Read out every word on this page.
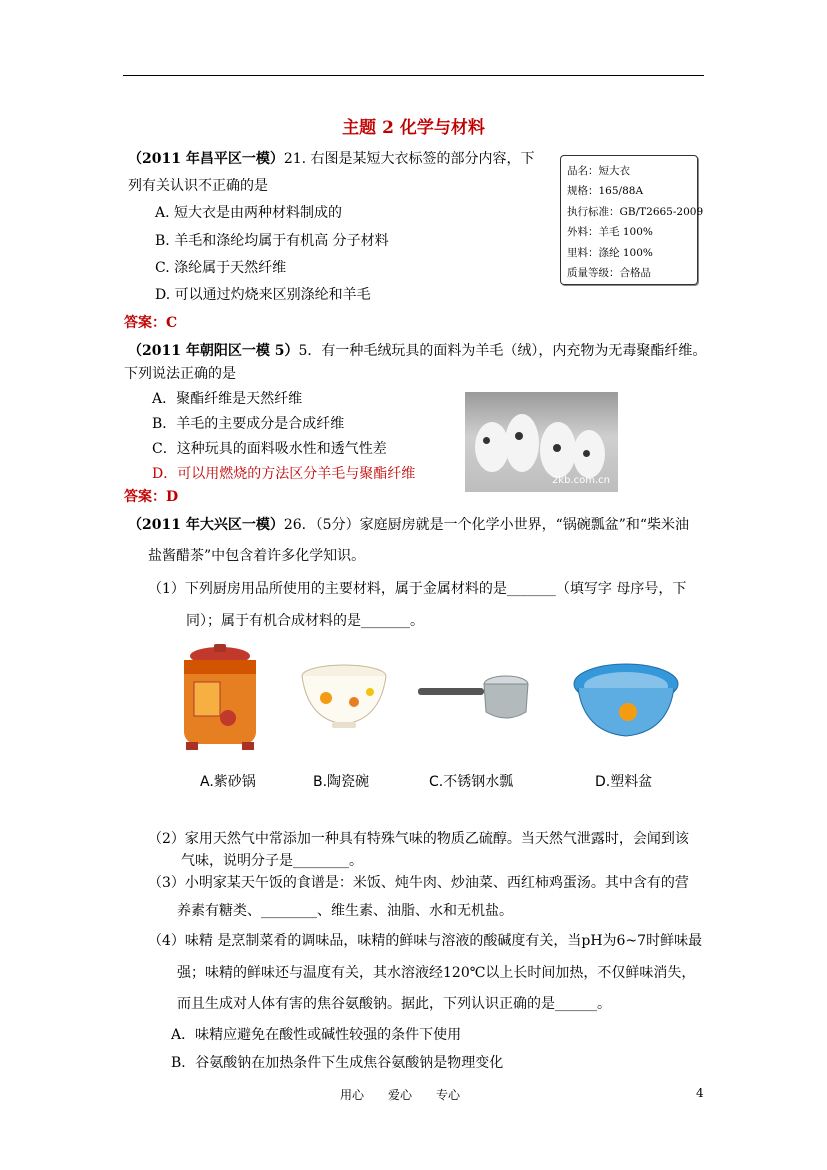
主题 2 化学与材料
（2011 年昌平区一模）21. 右图是某短大衣标签的部分内容，下
列有关认识不正确的是
A. 短大衣是由两种材料制成的
B. 羊毛和涤纶均属于有机高 分子材料
C. 涤纶属于天然纤维
D. 可以通过灼烧来区别涤纶和羊毛
答案：C
品名：短大衣
规格：165/88A
执行标准：GB/T2665-2009
外料：羊毛 100%
里料：涤纶 100%
质量等级：合格品
（2011 年朝阳区一模 5）5．有一种毛绒玩具的面料为羊毛（绒），内充物为无毒聚酯纤维。
下列说法正确的是
A．聚酯纤维是天然纤维
B．羊毛的主要成分是合成纤维
C．这种玩具的面料吸水性和透气性差
D．可以用燃烧的方法区分羊毛与聚酯纤维
答案：D
2kb.com.cn
（2011 年大兴区一模）26．（5分）家庭厨房就是一个化学小世界，“锅碗瓢盆”和“柴米油
盐酱醋茶”中包含着许多化学知识。
（1）下列厨房用品所使用的主要材料，属于金属材料的是_______（填写字 母序号，下
同）；属于有机合成材料的是_______。
A.紫砂锅	B.陶瓷碗	C.不锈钢水瓢	D.塑料盆
（2）家用天然气中常添加一种具有特殊气味的物质乙硫醇。当天然气泄露时，会闻到该
气味，说明分子是________。
（3）小明家某天午饭的食谱是：米饭、炖牛肉、炒油菜、西红柿鸡蛋汤。其中含有的营
养素有糖类、________、维生素、油脂、水和无机盐。
（4）味精 是烹制菜肴的调味品，味精的鲜味与溶液的酸碱度有关，当pH为6~7时鲜味最
强；味精的鲜味还与温度有关，其水溶液经120℃以上长时间加热，不仅鲜味消失，
而且生成对人体有害的焦谷氨酸钠。据此，下列认识正确的是______。
A．味精应避免在酸性或碱性较强的条件下使用
B．谷氨酸钠在加热条件下生成焦谷氨酸钠是物理变化
用心 爱心 专心	4
